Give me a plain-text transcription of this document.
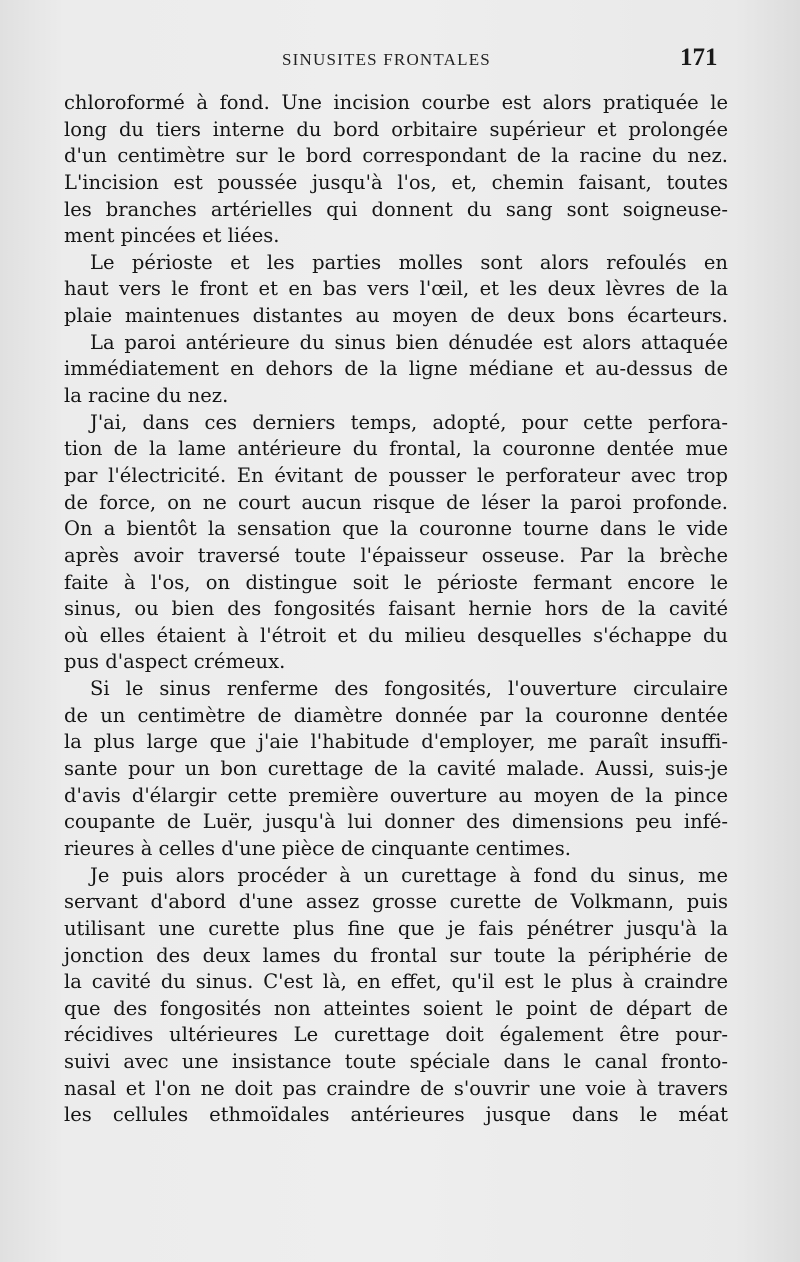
SINUSITES FRONTALES	171
chloroformé à fond. Une incision courbe est alors pratiquée le
long du tiers interne du bord orbitaire supérieur et prolongée
d'un centimètre sur le bord correspondant de la racine du nez.
L'incision est poussée jusqu'à l'os, et, chemin faisant, toutes
les branches artérielles qui donnent du sang sont soigneuse-
ment pincées et liées.
Le périoste et les parties molles sont alors refoulés en
haut vers le front et en bas vers l'œil, et les deux lèvres de la
plaie maintenues distantes au moyen de deux bons écarteurs.
La paroi antérieure du sinus bien dénudée est alors attaquée
immédiatement en dehors de la ligne médiane et au-dessus de
la racine du nez.
J'ai, dans ces derniers temps, adopté, pour cette perfora-
tion de la lame antérieure du frontal, la couronne dentée mue
par l'électricité. En évitant de pousser le perforateur avec trop
de force, on ne court aucun risque de léser la paroi profonde.
On a bientôt la sensation que la couronne tourne dans le vide
après avoir traversé toute l'épaisseur osseuse. Par la brèche
faite à l'os, on distingue soit le périoste fermant encore le
sinus, ou bien des fongosités faisant hernie hors de la cavité
où elles étaient à l'étroit et du milieu desquelles s'échappe du
pus d'aspect crémeux.
Si le sinus renferme des fongosités, l'ouverture circulaire
de un centimètre de diamètre donnée par la couronne dentée
la plus large que j'aie l'habitude d'employer, me paraît insuffi-
sante pour un bon curettage de la cavité malade. Aussi, suis-je
d'avis d'élargir cette première ouverture au moyen de la pince
coupante de Luër, jusqu'à lui donner des dimensions peu infé-
rieures à celles d'une pièce de cinquante centimes.
Je puis alors procéder à un curettage à fond du sinus, me
servant d'abord d'une assez grosse curette de Volkmann, puis
utilisant une curette plus fine que je fais pénétrer jusqu'à la
jonction des deux lames du frontal sur toute la périphérie de
la cavité du sinus. C'est là, en effet, qu'il est le plus à craindre
que des fongosités non atteintes soient le point de départ de
récidives ultérieures Le curettage doit également être pour-
suivi avec une insistance toute spéciale dans le canal fronto-
nasal et l'on ne doit pas craindre de s'ouvrir une voie à travers
les cellules ethmoïdales antérieures jusque dans le méat
